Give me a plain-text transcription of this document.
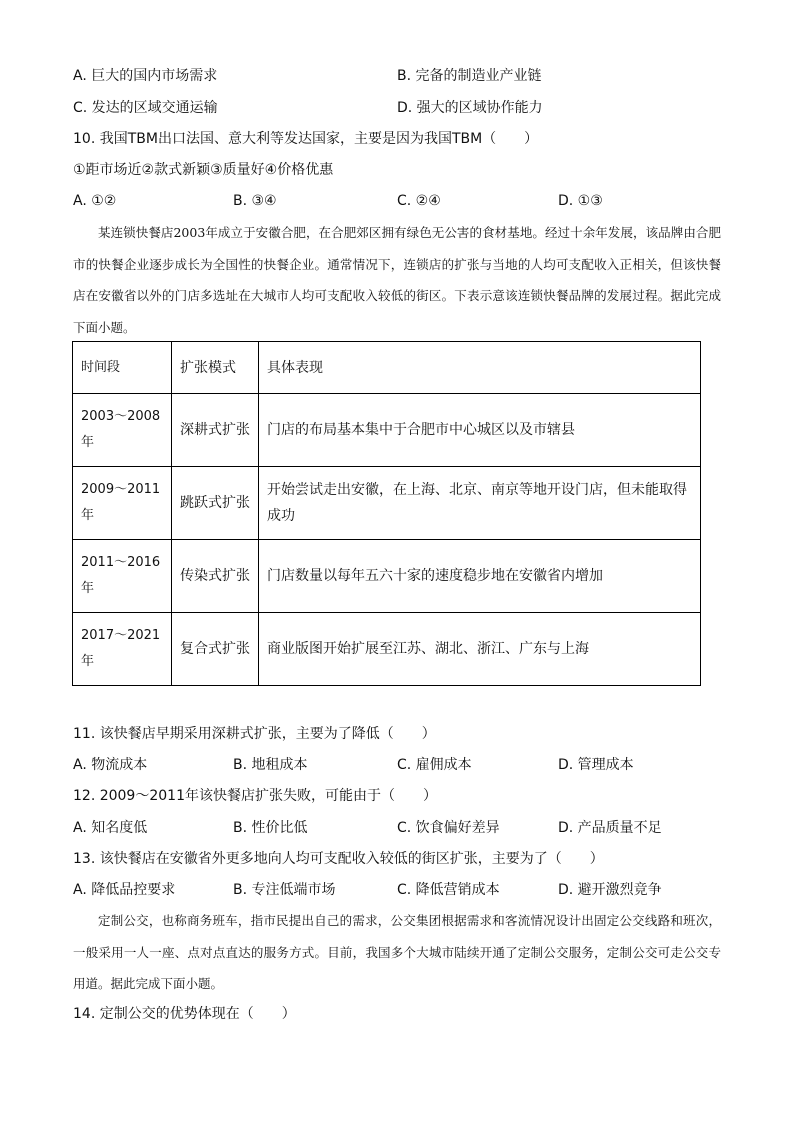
A. 巨大的国内市场需求	B. 完备的制造业产业链
C. 发达的区域交通运输	D. 强大的区域协作能力
10. 我国TBM出口法国、意大利等发达国家，主要是因为我国TBM（　　）
①距市场近②款式新颖③质量好④价格优惠
A. ①②	B. ③④	C. ②④	D. ①③
某连锁快餐店2003年成立于安徽合肥，在合肥郊区拥有绿色无公害的食材基地。经过十余年发展，该品牌由合肥市的快餐企业逐步成长为全国性的快餐企业。通常情况下，连锁店的扩张与当地的人均可支配收入正相关，但该快餐店在安徽省以外的门店多选址在大城市人均可支配收入较低的街区。下表示意该连锁快餐品牌的发展过程。据此完成下面小题。
时间段	扩张模式	具体表现
2003～2008年	深耕式扩张	门店的布局基本集中于合肥市中心城区以及市辖县
2009～2011年	跳跃式扩张	开始尝试走出安徽，在上海、北京、南京等地开设门店，但未能取得成功
2011～2016年	传染式扩张	门店数量以每年五六十家的速度稳步地在安徽省内增加
2017～2021年	复合式扩张	商业版图开始扩展至江苏、湖北、浙江、广东与上海
11. 该快餐店早期采用深耕式扩张，主要为了降低（　　）
A. 物流成本	B. 地租成本	C. 雇佣成本	D. 管理成本
12. 2009～2011年该快餐店扩张失败，可能由于（　　）
A. 知名度低	B. 性价比低	C. 饮食偏好差异	D. 产品质量不足
13. 该快餐店在安徽省外更多地向人均可支配收入较低的街区扩张，主要为了（　　）
A. 降低品控要求	B. 专注低端市场	C. 降低营销成本	D. 避开激烈竞争
定制公交，也称商务班车，指市民提出自己的需求，公交集团根据需求和客流情况设计出固定公交线路和班次，一般采用一人一座、点对点直达的服务方式。目前，我国多个大城市陆续开通了定制公交服务，定制公交可走公交专用道。据此完成下面小题。
14. 定制公交的优势体现在（　　）
